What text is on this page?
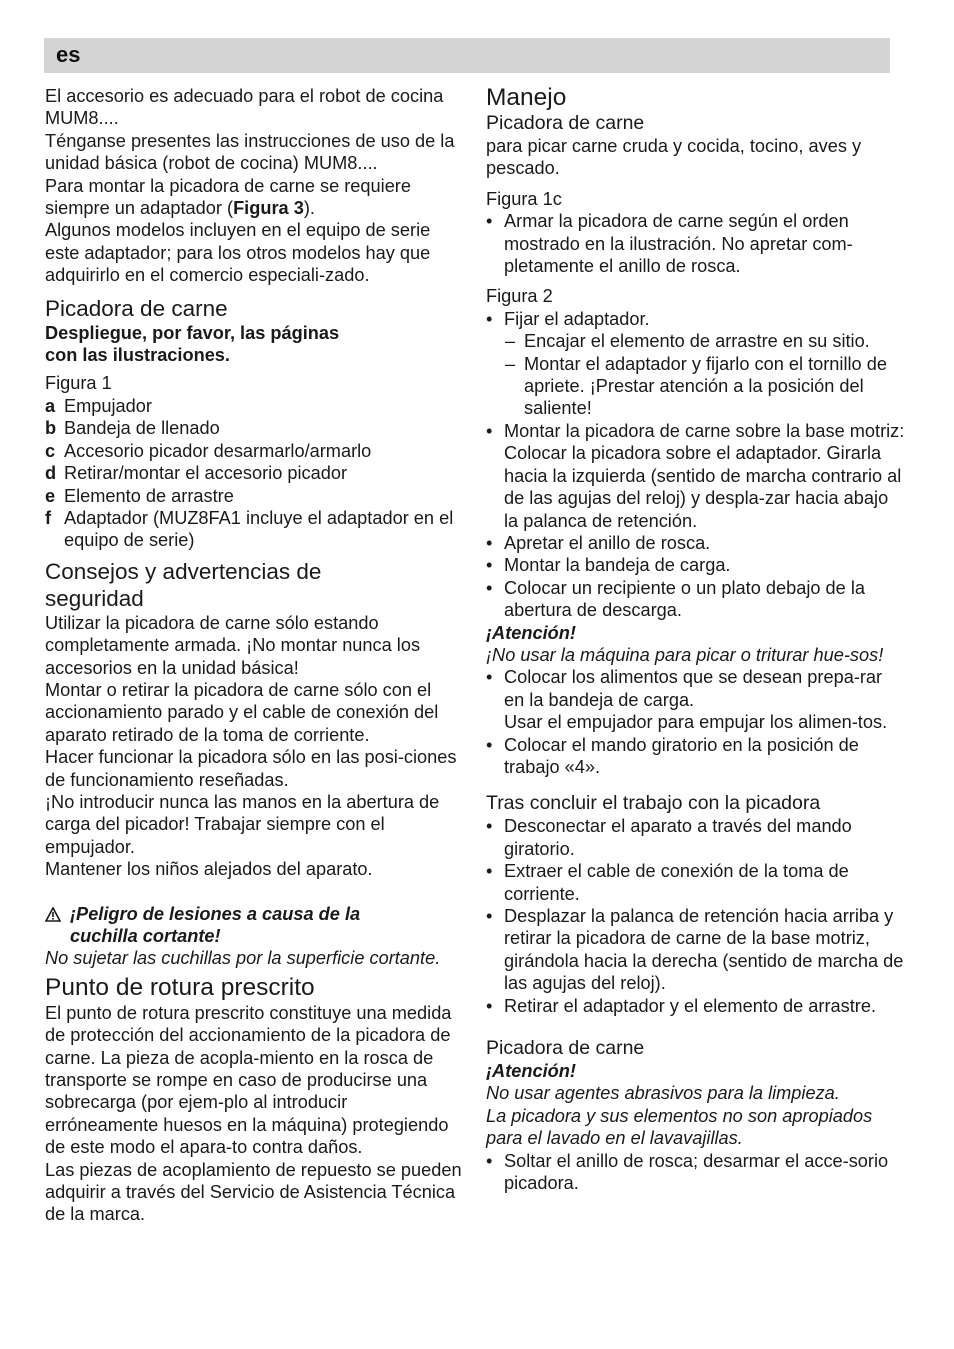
es

El accesorio es adecuado para el robot de cocina MUM8....

Ténganse presentes las instrucciones de uso de la unidad básica (robot de cocina) MUM8....

Para montar la picadora de carne se requiere siempre un adaptador (Figura 3).

Algunos modelos incluyen en el equipo de serie este adaptador; para los otros modelos hay que adquirirlo en el comercio especiali-zado.

Picadora de carne

Despliegue, por favor, las páginas con las ilustraciones.

Figura 1

a Empujador
b Bandeja de llenado
c Accesorio picador desarmarlo/armarlo
d Retirar/montar el accesorio picador
e Elemento de arrastre
f Adaptador (MUZ8FA1 incluye el adaptador en el equipo de serie)

Consejos y advertencias de seguridad

Utilizar la picadora de carne sólo estando completamente armada. ¡No montar nunca los accesorios en la unidad básica!

Montar o retirar la picadora de carne sólo con el accionamiento parado y el cable de conexión del aparato retirado de la toma de corriente.

Hacer funcionar la picadora sólo en las posi-ciones de funcionamiento reseñadas.

¡No introducir nunca las manos en la abertura de carga del picador! Trabajar siempre con el empujador.

Mantener los niños alejados del aparato.

¡Peligro de lesiones a causa de la cuchilla cortante!

No sujetar las cuchillas por la superficie cortante.

Punto de rotura prescrito

El punto de rotura prescrito constituye una medida de protección del accionamiento de la picadora de carne. La pieza de acopla-miento en la rosca de transporte se rompe en caso de producirse una sobrecarga (por ejem-plo al introducir erróneamente huesos en la máquina) protegiendo de este modo el apara-to contra daños.

Las piezas de acoplamiento de repuesto se pueden adquirir a través del Servicio de Asistencia Técnica de la marca.

Manejo

Picadora de carne

para picar carne cruda y cocida, tocino, aves y pescado.

Figura 1c

• Armar la picadora de carne según el orden mostrado en la ilustración. No apretar com-pletamente el anillo de rosca.

Figura 2

• Fijar el adaptador.
– Encajar el elemento de arrastre en su sitio.
– Montar el adaptador y fijarlo con el tornillo de apriete. ¡Prestar atención a la posición del saliente!
• Montar la picadora de carne sobre la base motriz:
Colocar la picadora sobre el adaptador. Girarla hacia la izquierda (sentido de marcha contrario al de las agujas del reloj) y despla-zar hacia abajo la palanca de retención.
• Apretar el anillo de rosca.
• Montar la bandeja de carga.
• Colocar un recipiente o un plato debajo de la abertura de descarga.

¡Atención!

¡No usar la máquina para picar o triturar hue-sos!

• Colocar los alimentos que se desean prepa-rar en la bandeja de carga.
Usar el empujador para empujar los alimen-tos.
• Colocar el mando giratorio en la posición de trabajo «4».

Tras concluir el trabajo con la picadora

• Desconectar el aparato a través del mando giratorio.
• Extraer el cable de conexión de la toma de corriente.
• Desplazar la palanca de retención hacia arriba y retirar la picadora de carne de la base motriz, girándola hacia la derecha (sentido de marcha de las agujas del reloj).
• Retirar el adaptador y el elemento de arrastre.

Picadora de carne

¡Atención!

No usar agentes abrasivos para la limpieza.

La picadora y sus elementos no son apropiados para el lavado en el lavavajillas.

• Soltar el anillo de rosca; desarmar el acce-sorio picadora.
